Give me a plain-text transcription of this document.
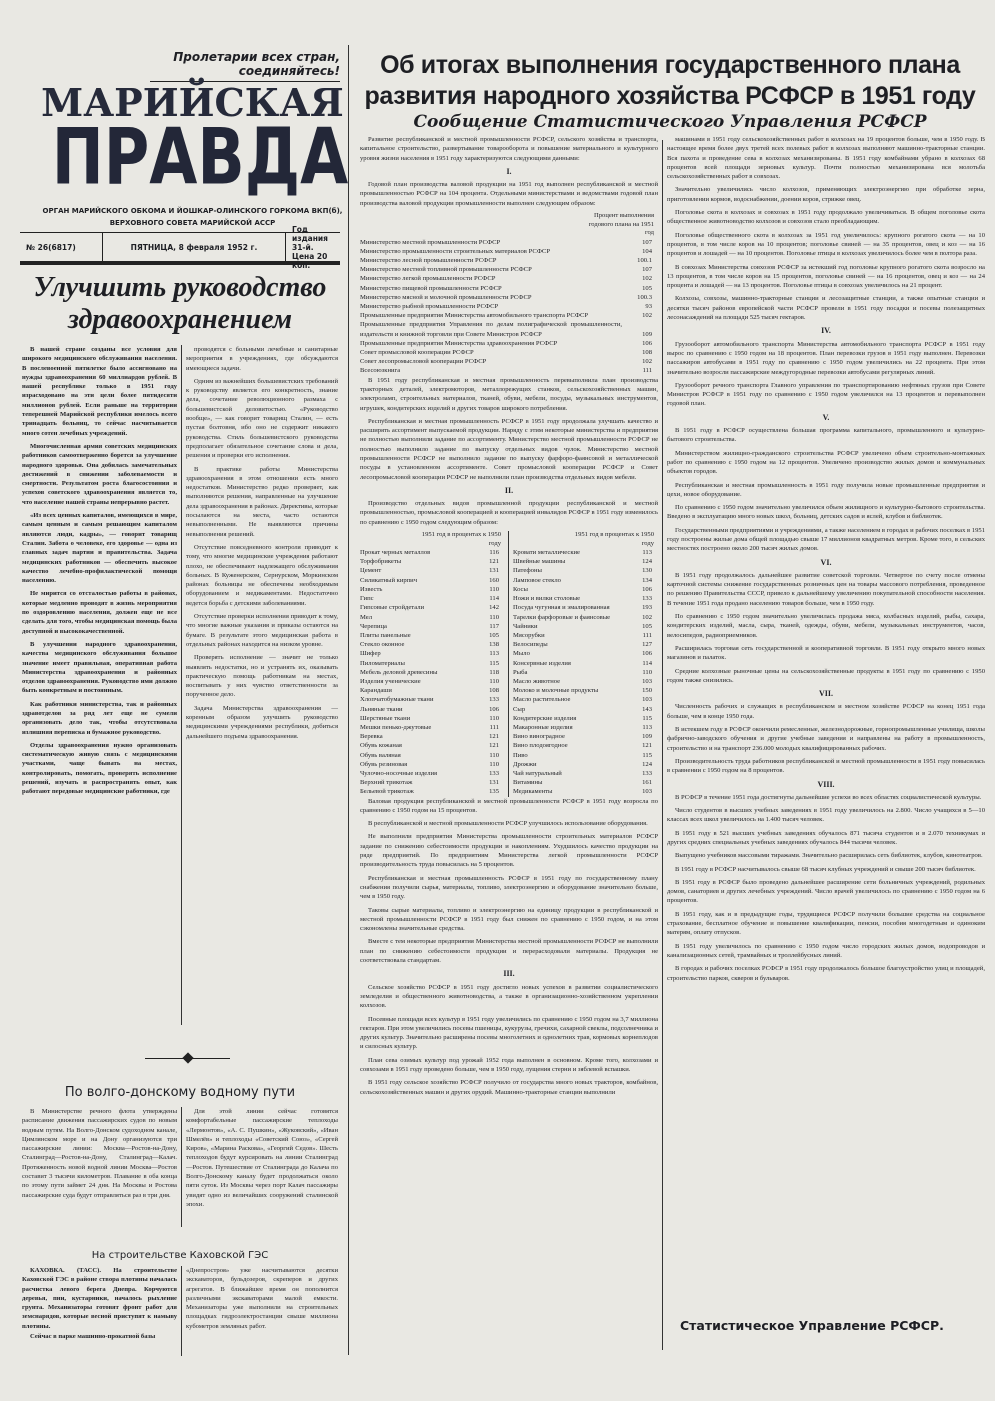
Пролетарии всех стран, соединяйтесь!
МАРИЙСКАЯ
ПРАВДА
ОРГАН МАРИЙСКОГО ОБКОМА И ЙОШКАР-ОЛИНСКОГО ГОРКОМА ВКП(б),
ВЕРХОВНОГО СОВЕТА МАРИЙСКОЙ АССР
№ 26(6817)	ПЯТНИЦА, 8 февраля 1952 г.
Год издания 31-й.
Цена 20 коп.
Улучшить руководство здравоохранением

В нашей стране созданы все условия для широкого медицинского обслуживания населения. В послевоенной пятилетке было ассигновано на нужды здравоохранения 60 миллиардов рублей. В нашей республике только в 1951 году израсходовано на эти цели более пятидесяти миллионов рублей. Если раньше на территории теперешней Марийской республики имелось всего тринадцать больниц, то сейчас насчитывается много сотен лечебных учреждений.

Многочисленная армия советских медицинских работников самоотверженно борется за улучшение народного здоровья. Она добилась замечательных достижений в снижении заболеваемости и смертности. Результатом роста благосостояния и успехов советского здравоохранения является то, что население нашей страны непрерывно растет.

«Из всех ценных капиталов, имеющихся в мире, самым ценным и самым решающим капиталом являются люди, кадры», — говорит товарищ Сталин. Забота о человеке, его здоровье — одна из главных задач партии и правительства. Задача медицинских работников — обеспечить высокое качество лечебно-профилактической помощи населению.

Не мирится со отсталостью работы в районах, которые медленно проводят в жизнь мероприятия по оздоровлению населения, должен еще не все сделать для того, чтобы медицинская помощь была доступной и высококачественной.

В улучшении народного здравоохранения, качества медицинского обслуживания большое значение имеет правильная, оперативная работа Министерства здравоохранения и районных отделов здравоохранения. Руководство ими должно быть конкретным и постоянным.

Как работники министерства, так и районных здравотделов за ряд лет еще не сумели организовать дело так, чтобы отсутствовала излишняя переписка и бумажное руководство.

Отделы здравоохранения нужно организовать систематическую живую связь с медицинскими участками, чаще бывать на местах, контролировать, помогать, проверять исполнение решений, изучать и распространять опыт, как работают передовые медицинские работники, где

проводятся с больными лечебные и санитарные мероприятия в учреждениях, где обсуждаются имеющиеся задачи.

Одним из важнейших большевистских требований к руководству является его конкретность, знание дела, сочетание революционного размаха с большевистской деловитостью. «Руководство вообще», — как говорит товарищ Сталин, — есть пустая болтовня, ибо оно не содержит никакого руководства. Стиль большевистского руководства предполагает обязательное сочетание слова и дела, решения и проверки его исполнения.

В практике работы Министерства здравоохранения в этом отношении есть много недостатков. Министерство редко проверяет, как выполняются решения, направленные на улучшение дела здравоохранения в районах. Директивы, которые посылаются на места, часто остаются невыполненными. Не выявляются причины невыполнения решений.

Отсутствие повседневного контроля приводит к тому, что многие медицинские учреждения работают плохо, не обеспечивают надлежащего обслуживания больных. В Куженерском, Сернурском, Моркинском районах больницы не обеспечены необходимым оборудованием и медикаментами. Недостаточно ведется борьба с детскими заболеваниями.

Отсутствие проверки исполнения приводит к тому, что многие важные указания и приказы остаются на бумаге. В результате этого медицинская работа в отдельных районах находится на низком уровне.

Проверять исполнение — значит не только выявлять недостатки, но и устранять их, оказывать практическую помощь работникам на местах, воспитывать у них чувство ответственности за порученное дело.

Задача Министерства здравоохранения — коренным образом улучшить руководство медицинскими учреждениями республики, добиться дальнейшего подъема здравоохранения.

По волго-донскому водному пути
В Министерстве речного флота утверждены расписание движения пассажирских судов по новым водным путям. На Волго-Донском судоходном канале, Цимлянском море и на Дону организуются три пассажирские линии: Москва—Ростов-на-Дону, Сталинград—Ростов-на-Дону, Сталинград—Калач. Протяженность новой водной линии Москва—Ростов составит 3 тысячи километров. Плавание в оба конца по этому пути займет 24 дня. На Москвы и Ростова пассажирские суда будут отправляться раз в три дня.
Для этой линии сейчас готовятся комфортабельные пассажирские теплоходы «Лермонтов», «А. С. Пушкин», «Жуковский», «Иван Шмелёв» и теплоходы «Советский Союз», «Сергей Киров», «Марина Раскова», «Георгий Седов». Шесть теплоходов будут курсировать на линии Сталинград—Ростов. Путешествие от Сталинграда до Калача по Волго-Донскому каналу будет продолжаться около пяти суток. Из Москвы через порт Калач пассажиры увидят одно из величайших сооружений сталинской эпохи.
На строительстве Каховской ГЭС

КАХОВКА. (ТАСС). На строительстве Каховской ГЭС в районе створа плотины началась расчистка левого берега Днепра. Корчуются деревья, пни, кустарники, началось рыхление грунта. Механизаторы готовят фронт работ для земснарядов, которые весной приступят к намыву плотины.

Сейчас в парке машинно-прокатной базы

«Днепростроя» уже насчитываются десятки экскаваторов, бульдозеров, скреперов и других агрегатов. В ближайшее время он пополнится различными экскаваторами малой емкости. Механизаторы уже выполнили на строительных площадках гидроэлектростанции свыше миллиона кубометров земляных работ.
Об итогах выполнения государственного плана
развития народного хозяйства РСФСР в 1951 году
Сообщение Статистического Управления РСФСР

Развитие республиканской и местной промышленности РСФСР, сельского хозяйства и транспорта, капитальное строительство, развертывание товарооборота и повышение материального и культурного уровня жизни населения в 1951 году характеризуются следующими данными:

I.

Годовой план производства валовой продукции на 1951 год выполнен республиканской и местной промышленностью РСФСР на 104 процента. Отдельными министерствами и ведомствами годовой план производства валовой продукции промышленности выполнен следующим образом:

Процент выполнения годового плана на 1951 год
Министерство местной промышленности РСФСР	107
Министерство промышленности строительных материалов РСФСР	104
Министерство лесной промышленности РСФСР	100.1
Министерство местной топливной промышленности РСФСР	107
Министерство легкой промышленности РСФСР	102
Министерство пищевой промышленности РСФСР	105
Министерство мясной и молочной промышленности РСФСР	100.3
Министерство рыбной промышленности РСФСР	93
Промышленные предприятия Министерства автомобильного транспорта РСФСР	102
Промышленные предприятия Управления по делам полиграфической промышленности, издательств и книжной торговли при Совете Министров РСФСР	109
Промышленные предприятия Министерства здравоохранения РСФСР	106
Совет промысловой кооперации РСФСР	108
Совет лесопромысловой кооперации РСФСР	102
Всесоюзкнига	111

В 1951 году республиканская и местная промышленность перевыполнила план производства тракторных деталей, электромоторов, металлорежущих станков, сельскохозяйственных машин, электроламп, строительных материалов, тканей, обуви, мебели, посуды, музыкальных инструментов, игрушек, кондитерских изделий и других товаров широкого потребления.

Республиканская и местная промышленность РСФСР в 1951 году продолжала улучшать качество и расширять ассортимент выпускаемой продукции. Наряду с этим некоторые министерства и предприятия не полностью выполнили задание по ассортименту. Министерство местной промышленности РСФСР не полностью выполнило задание по выпуску отдельных видов чулок. Министерство местной промышленности РСФСР не выполнило задание по выпуску фарфоро-фаянсовой и металлической посуды в установленном ассортименте. Совет промысловой кооперации РСФСР и Совет лесопромысловой кооперации РСФСР не выполнили план производства отдельных видов мебели.

II.

Производство отдельных видов промышленной продукции республиканской и местной промышленностью, промысловой кооперацией и кооперацией инвалидов РСФСР в 1951 году изменилось по сравнению с 1950 годом следующим образом:

1951 год в процентах к 1950 году
Прокат черных металлов	116
Торфобрикеты	121
Цемент	131
Силикатный кирпич	160
Известь	110
Гипс	114
Гипсовые стройдетали	142
Мел	110
Черепица	117
Плиты панельные	105
Стекло оконное	138
Шифер	113
Пиломатериалы	115
Мебель деловой древесины	118
Изделия ученические	110
Карандаши	108
Хлопчатобумажные ткани	133
Льняные ткани	106
Шерстяные ткани	110
Мешки пенько-джутовые	111
Веревка	121
Обувь кожаная	121
Обувь валяная	110
Обувь резиновая	110
Чулочно-носочные изделия	133
Верхний трикотаж	131
Бельевой трикотаж	135
1951 год в процентах к 1950 году
Кровати металлические	113
Швейные машины	124
Патефоны	130
Ламповое стекло	134
Косы	106
Ножи и вилки столовые	133
Посуда чугунная и эмалированная	193
Тарелки фарфоровые и фаянсовые	102
Чайники	105
Мясорубки	111
Велосипеды	127
Мыло	106
Консервные изделия	114
Рыба	110
Масло животное	103
Молоко и молочные продукты	150
Масло растительное	103
Сыр	143
Кондитерские изделия	115
Макаронные изделия	113
Вино виноградное	109
Вино плодоягодное	121
Пиво	115
Дрожжи	124
Чай натуральный	133
Витамины	161
Медикаменты	103

Валовая продукция республиканской и местной промышленности РСФСР в 1951 году возросла по сравнению с 1950 годом на 15 процентов.

В республиканской и местной промышленности РСФСР улучшилось использование оборудования.

Не выполнили предприятия Министерства промышленности строительных материалов РСФСР задание по снижению себестоимости продукции и накоплениям. Ухудшилось качество продукции на ряде предприятий. По предприятиям Министерства легкой промышленности РСФСР производительность труда повысилась на 5 процентов.

Республиканская и местная промышленность РСФСР в 1951 году по государственному плану снабжения получили сырья, материалы, топливо, электроэнергию и оборудование значительно больше, чем в 1950 году.

Таковы сырые материалы, топливо и электроэнергию на единицу продукции в республиканской и местной промышленности РСФСР в 1951 году был снижен по сравнению с 1950 годом, и на этом сэкономлены значительные средства.

Вместе с тем некоторые предприятия Министерства местной промышленности РСФСР не выполнили план по снижению себестоимости продукции и перерасходовали материалы. Продукция не соответствовала стандартам.

III.

Сельское хозяйство РСФСР в 1951 году достигло новых успехов в развитии социалистического земледелия и общественного животноводства, а также в организационно-хозяйственном укреплении колхозов.

Посевные площади всех культур в 1951 году увеличились по сравнению с 1950 годом на 3,7 миллиона гектаров. При этом увеличились посевы пшеницы, кукурузы, гречихи, сахарной свеклы, подсолнечника и других культур. Значительно расширены посевы многолетних и однолетних трав, кормовых корнеплодов и силосных культур.

План сева озимых культур под урожай 1952 года выполнен в основном. Кроме того, колхозами и совхозами в 1951 году проведено больше, чем в 1950 году, лущения стерни и зяблевой вспашки.

В 1951 году сельское хозяйство РСФСР получило от государства много новых тракторов, комбайнов, сельскохозяйственных машин и других орудий. Машинно-тракторные станции выполнили

машинами в 1951 году сельскохозяйственных работ в колхозах на 19 процентов больше, чем в 1950 году. В настоящее время более двух третей всех полевых работ в колхозах выполняют машинно-тракторные станции. Вся пахота и проведение сева в колхозах механизированы. В 1951 году комбайнами убрано в колхозах 68 процентов всей площади зерновых культур. Почти полностью механизирована вся молотьба сельскохозяйственных работ в совхозах.

Значительно увеличились число колхозов, применяющих электроэнергию при обработке зерна, приготовлении кормов, водоснабжении, доении коров, стрижке овец.

Поголовье скота в колхозах и совхозах в 1951 году продолжало увеличиваться. В общем поголовье скота общественное животноводство колхозов и совхозов стало преобладающим.

Поголовье общественного скота в колхозах за 1951 год увеличилось: крупного рогатого скота — на 10 процентов, в том числе коров на 10 процентов; поголовье свиней — на 35 процентов, овец и коз — на 16 процентов и лошадей — на 10 процентов. Поголовье птицы в колхозах увеличилось более чем в полтора раза.

В совхозах Министерства совхозов РСФСР за истекший год поголовье крупного рогатого скота возросло на 13 процентов, в том числе коров на 15 процентов, поголовье свиней — на 16 процентов, овец и коз — на 24 процента и лошадей — на 13 процентов. Поголовье птицы в совхозах увеличилось на 21 процент.

Колхозы, совхозы, машинно-тракторные станции и лесозащитные станции, а также опытные станции и десятки тысяч районов европейской части РСФСР провели в 1951 году посадки и посевы полезащитных лесонасаждений на площади 525 тысяч гектаров.

IV.

Грузооборот автомобильного транспорта Министерства автомобильного транспорта РСФСР в 1951 году вырос по сравнению с 1950 годом на 18 процентов. План перевозки грузов в 1951 году выполнен. Перевозки пассажиров автобусами в 1951 году по сравнению с 1950 годом увеличились на 22 процента. При этом значительно возросли пассажирские междугородные перевозки автобусами регулярных линий.

Грузооборот речного транспорта Главного управления по транспортированию нефтяных грузов при Совете Министров РСФСР в 1951 году по сравнению с 1950 годом увеличился на 13 процентов и перевыполнен годовой план.

V.

В 1951 году в РСФСР осуществлена большая программа капитального, промышленного и культурно-бытового строительства.

Министерством жилищно-гражданского строительства РСФСР увеличено объем строительно-монтажных работ по сравнению с 1950 годом на 12 процентов. Увеличено производство жилых домов и коммунальных объектов городов.

Республиканская и местная промышленность в 1951 году получила новые промышленные предприятия и цехи, новое оборудование.

По сравнению с 1950 годом значительно увеличился объем жилищного и культурно-бытового строительства. Введено в эксплуатацию много новых школ, больниц, детских садов и яслей, клубов и библиотек.

Государственными предприятиями и учреждениями, а также населением в городах и рабочих поселках в 1951 году построены жилые дома общей площадью свыше 17 миллионов квадратных метров. Кроме того, в сельских местностях построено около 200 тысяч жилых домов.

VI.

В 1951 году продолжалось дальнейшее развитие советской торговли. Четвертое по счету после отмены карточной системы снижение государственных розничных цен на товары массового потребления, проведенное по решению Правительства СССР, привело к дальнейшему увеличению покупательной способности населения. В течение 1951 года продано населению товаров больше, чем в 1950 году.

По сравнению с 1950 годом значительно увеличилась продажа мяса, колбасных изделий, рыбы, сахара, кондитерских изделий, масла, сыра, тканей, одежды, обуви, мебели, музыкальных инструментов, часов, велосипедов, радиоприемников.

Расширилась торговая сеть государственной и кооперативной торговли. В 1951 году открыто много новых магазинов и палаток.

Средние колхозные рыночные цены на сельскохозяйственные продукты в 1951 году по сравнению с 1950 годом также снизились.

VII.

Численность рабочих и служащих в республиканском и местном хозяйстве РСФСР на конец 1951 года больше, чем в конце 1950 года.

В истекшем году в РСФСР окончили ремесленные, железнодорожные, горнопромышленные училища, школы фабрично-заводского обучения и другие учебные заведения и направлены на работу в промышленность, строительство и на транспорт 236.000 молодых квалифицированных рабочих.

Производительность труда работников республиканской и местной промышленности в 1951 году повысилась в сравнении с 1950 годом на 8 процентов.

VIII.

В РСФСР в течение 1951 года достигнуты дальнейшие успехи во всех областях социалистической культуры.

Число студентов в высших учебных заведениях в 1951 году увеличилось на 2.800. Число учащихся в 5—10 классах всех школ увеличилось на 1.400 тысяч человек.

В 1951 году в 521 высших учебных заведениях обучалось 871 тысяча студентов и в 2.070 техникумах и других средних специальных учебных заведениях обучалось 844 тысячи человек.

Выпущено учебников массовыми тиражами. Значительно расширилась сеть библиотек, клубов, кинотеатров.

В 1951 году в РСФСР насчитывалось свыше 68 тысяч клубных учреждений и свыше 200 тысяч библиотек.

В 1951 году в РСФСР было проведено дальнейшее расширение сети больничных учреждений, родильных домов, санаториев и других лечебных учреждений. Число врачей увеличилось по сравнению с 1950 годом на 6 процентов.

В 1951 году, как и в предыдущие годы, трудящиеся РСФСР получили большие средства на социальное страхование, бесплатное обучение и повышение квалификации, пенсии, пособия многодетным и одиноким матерям, оплату отпусков.

В 1951 году увеличилось по сравнению с 1950 годом число городских жилых домов, водопроводов и канализационных сетей, трамвайных и троллейбусных линий.

В городах и рабочих поселках РСФСР в 1951 году продолжалось большое благоустройство улиц и площадей, строительство парков, скверов и бульваров.

Статистическое Управление РСФСР.
